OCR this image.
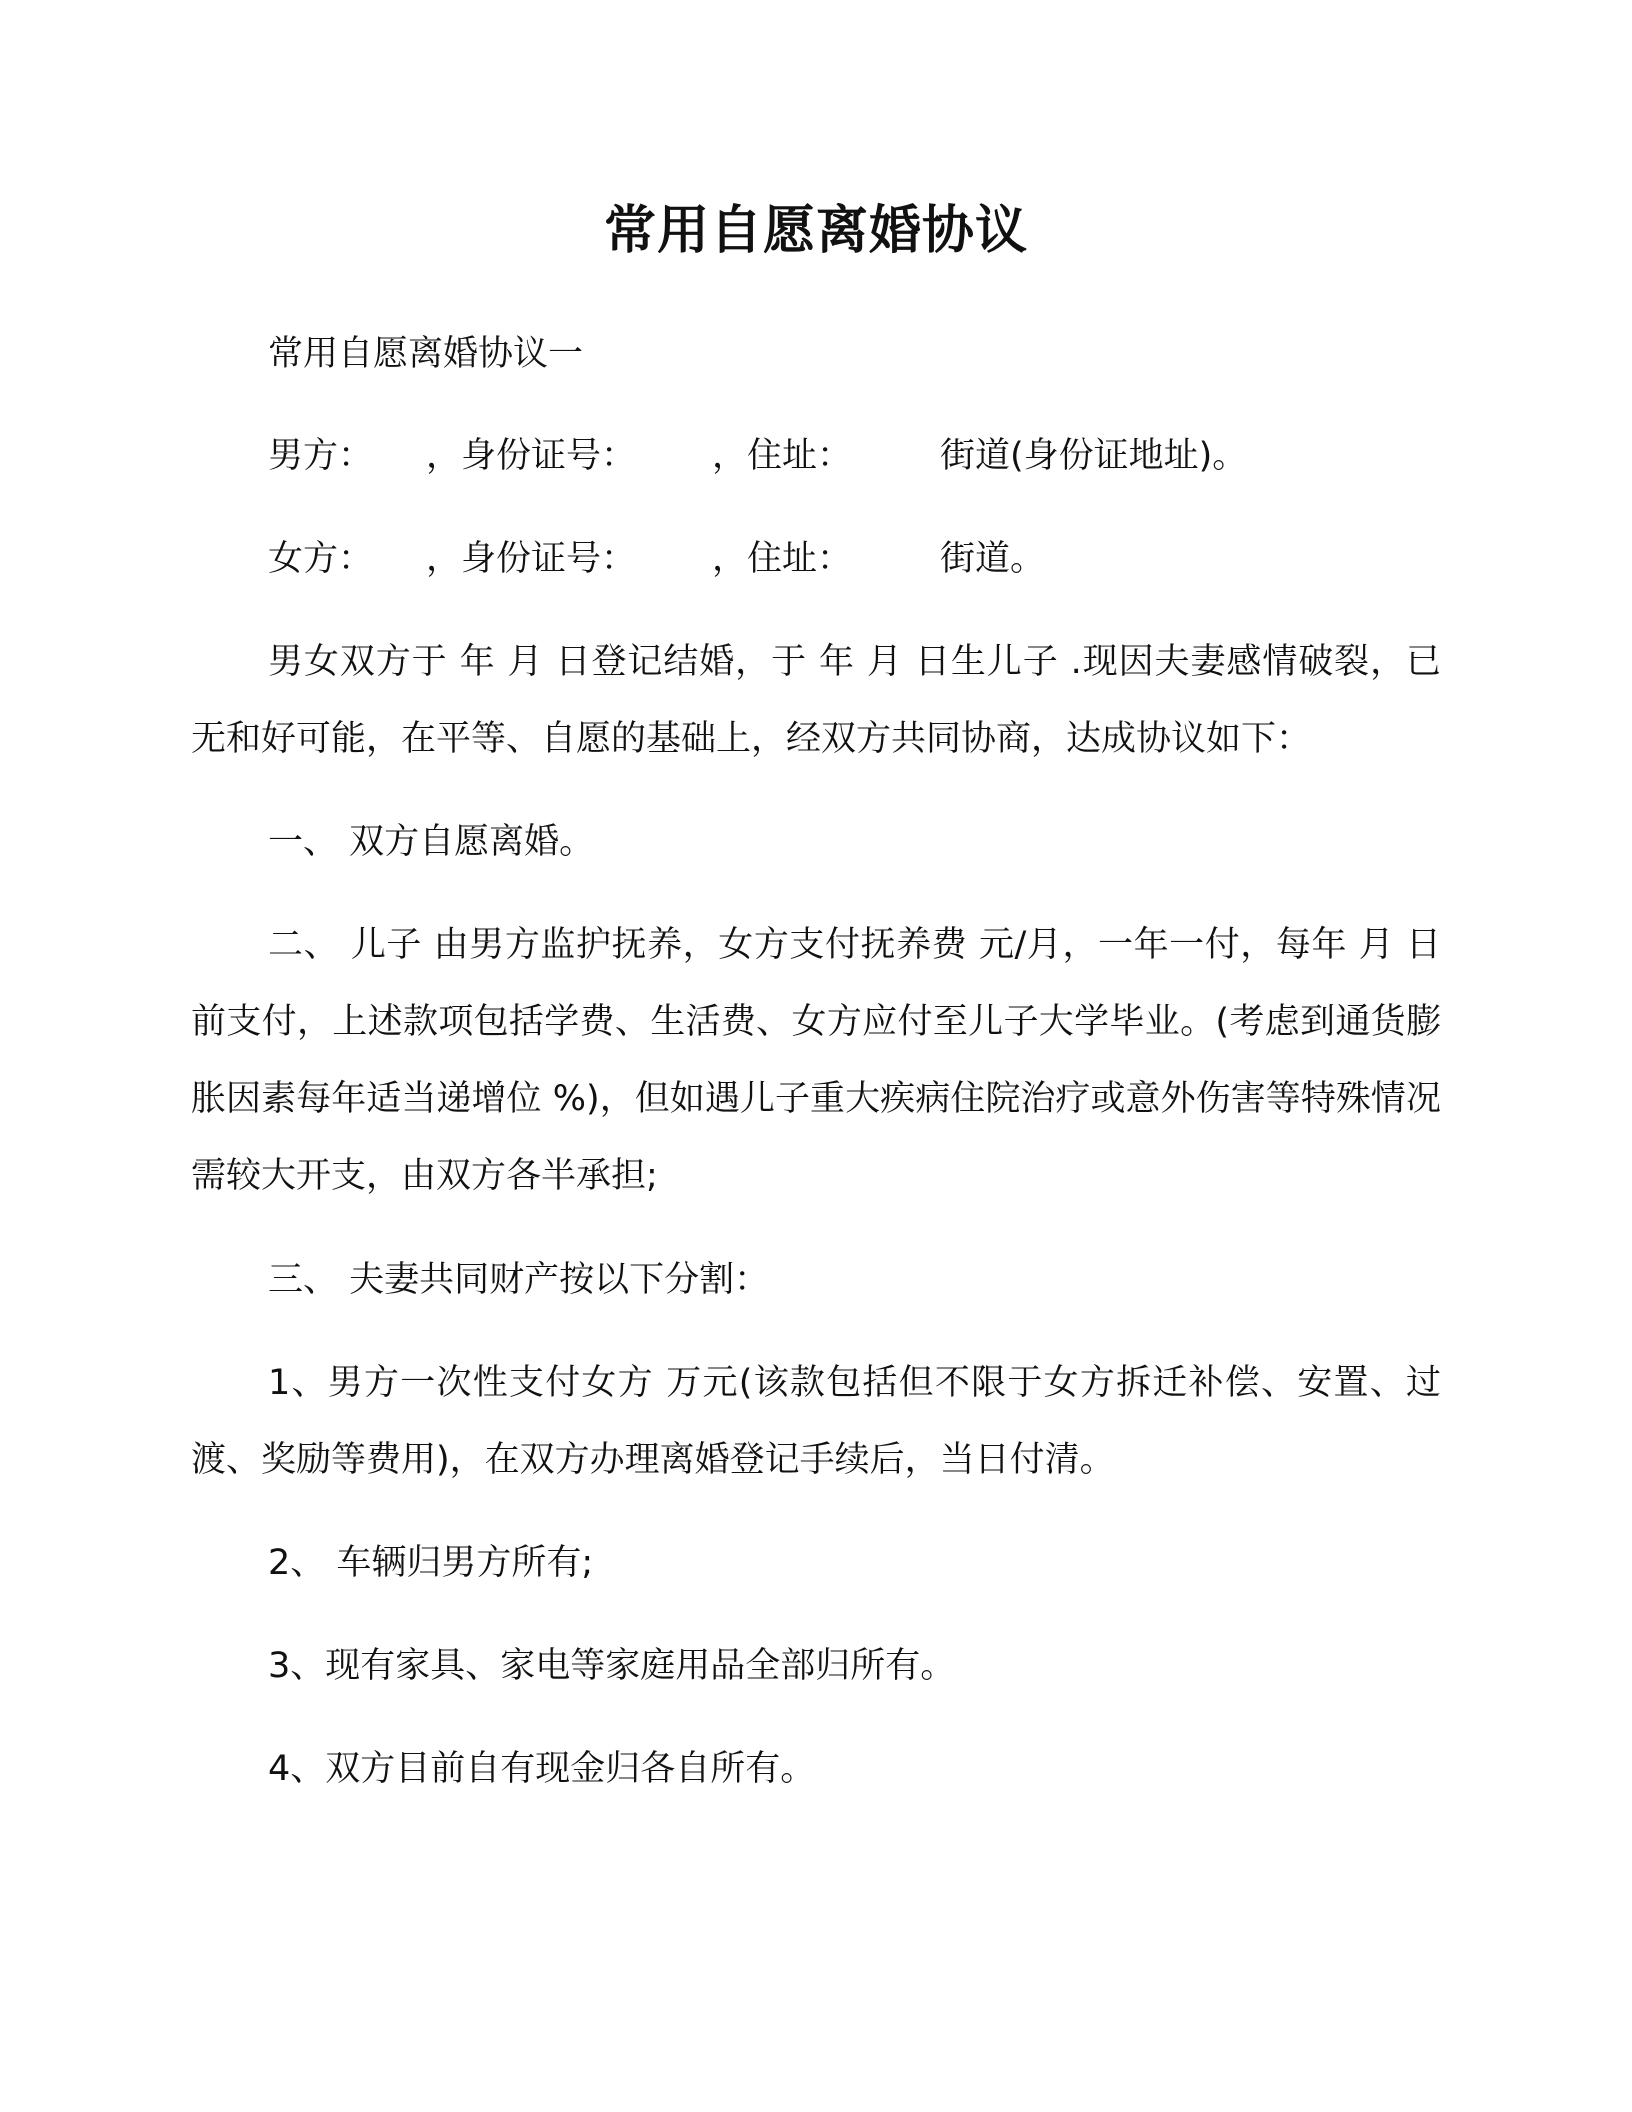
常用自愿离婚协议
常用自愿离婚协议一
男方： ，身份证号： ，住址：	街道(身份证地址)。
女方： ，身份证号： ，住址：	街道。
男女双方于 年 月 日登记结婚，于 年 月 日生儿子 .现因夫妻感情破裂，已无和好可能，在平等、自愿的基础上，经双方共同协商，达成协议如下：
一、 双方自愿离婚。
二、 儿子 由男方监护抚养，女方支付抚养费 元/月，一年一付，每年 月 日前支付，上述款项包括学费、生活费、女方应付至儿子大学毕业。(考虑到通货膨胀因素每年适当递增位 %)，但如遇儿子重大疾病住院治疗或意外伤害等特殊情况需较大开支，由双方各半承担;
三、 夫妻共同财产按以下分割：
1、男方一次性支付女方 万元(该款包括但不限于女方拆迁补偿、安置、过渡、奖励等费用)，在双方办理离婚登记手续后，当日付清。
2、 车辆归男方所有;
3、现有家具、家电等家庭用品全部归所有。
4、双方目前自有现金归各自所有。
